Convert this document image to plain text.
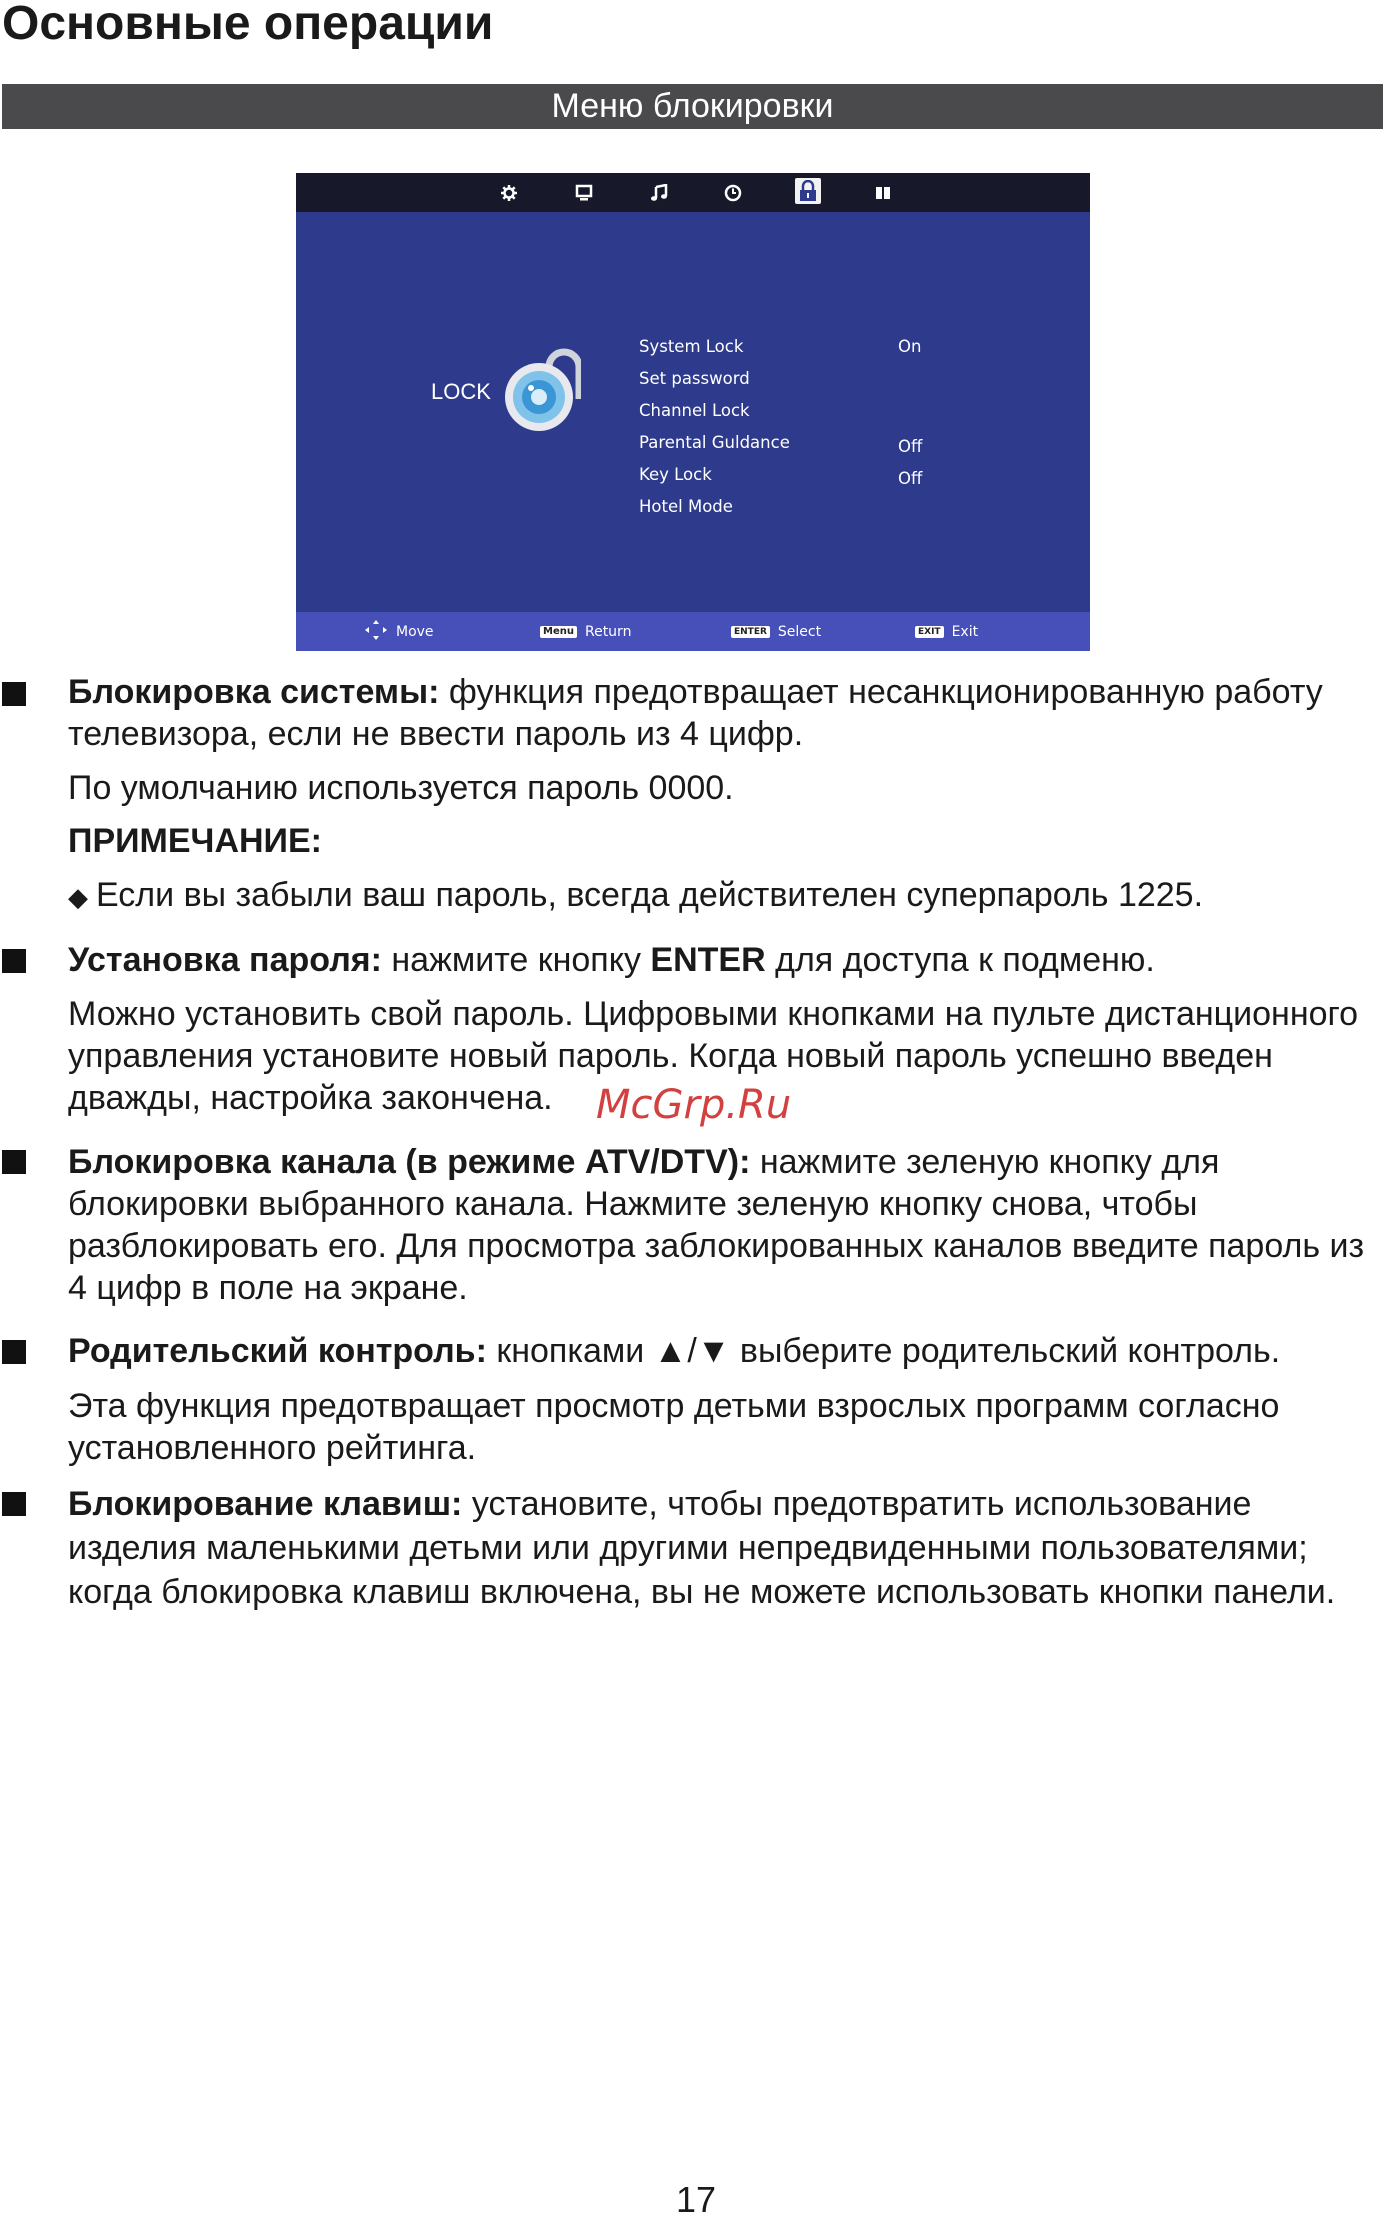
Основные операции
Меню блокировки
LOCK
System Lock	On
Set password
Channel Lock
Parental Guldance	Off
Key Lock	Off
Hotel Mode
Move	Menu Return	ENTER Select	EXIT Exit
Блокировка системы: функция предотвращает несанкционированную работу телевизора, если не ввести пароль из 4 цифр.
По умолчанию используется пароль 0000.
ПРИМЕЧАНИЕ:
◆ Если вы забыли ваш пароль, всегда действителен суперпароль 1225.
Установка пароля: нажмите кнопку ENTER для доступа к подменю.
Можно установить свой пароль. Цифровыми кнопками на пульте дистанционного управления установите новый пароль. Когда новый пароль успешно введен дважды, настройка закончена.
Блокировка канала (в режиме ATV/DTV): нажмите зеленую кнопку для блокировки выбранного канала. Нажмите зеленую кнопку снова, чтобы разблокировать его. Для просмотра заблокированных каналов введите пароль из 4 цифр в поле на экране.
Родительский контроль: кнопками ▲/▼ выберите родительский контроль.
Эта функция предотвращает просмотр детьми взрослых программ согласно установленного рейтинга.
Блокирование клавиш: установите, чтобы предотвратить использование изделия маленькими детьми или другими непредвиденными пользователями; когда блокировка клавиш включена, вы не можете использовать кнопки панели.
McGrp.Ru
17
